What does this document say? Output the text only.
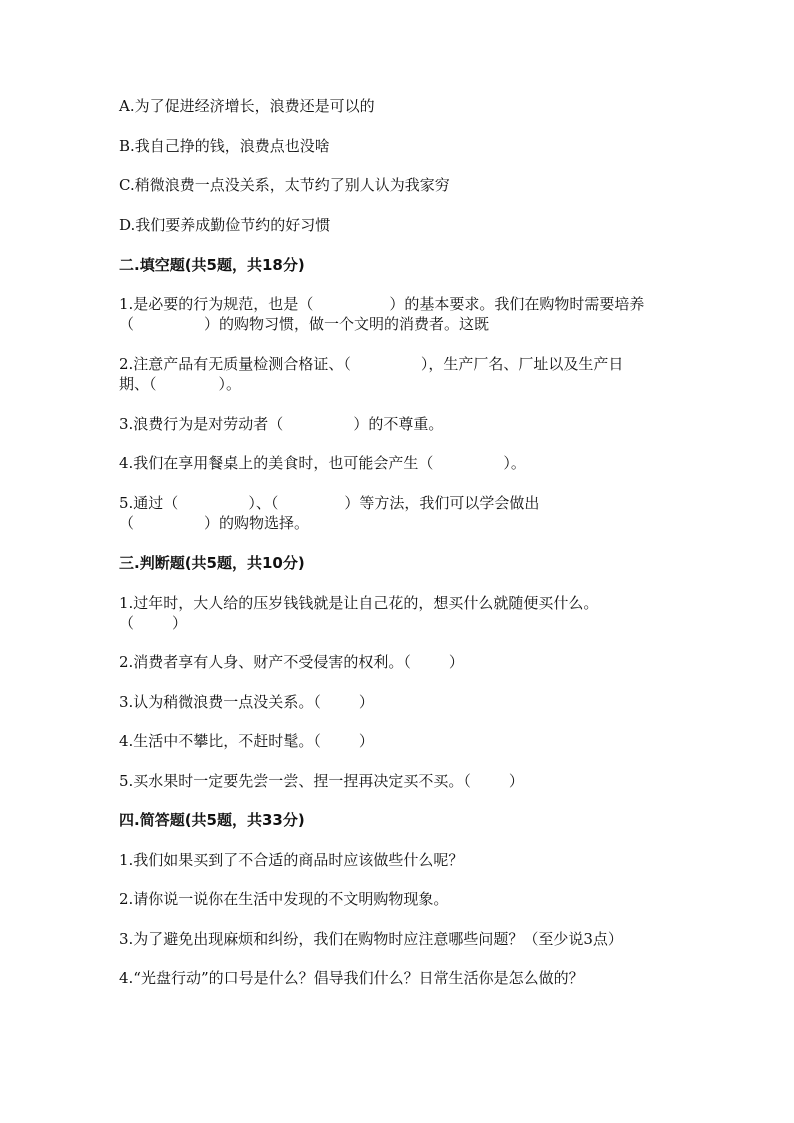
A.为了促进经济增长，浪费还是可以的
B.我自己挣的钱，浪费点也没啥
C.稍微浪费一点没关系，太节约了别人认为我家穷
D.我们要养成勤俭节约的好习惯
二.填空题(共5题，共18分)
1.是必要的行为规范，也是（	）的基本要求。我们在购物时需要培养
（	）的购物习惯，做一个文明的消费者。这既
2.注意产品有无质量检测合格证、（	），生产厂名、厂址以及生产日
期、（	）。
3.浪费行为是对劳动者（	）的不尊重。
4.我们在享用餐桌上的美食时，也可能会产生（	）。
5.通过（	）、（	）等方法，我们可以学会做出
（	）的购物选择。
三.判断题(共5题，共10分)
1.过年时，大人给的压岁钱钱就是让自己花的，想买什么就随便买什么。
（	）
2.消费者享有人身、财产不受侵害的权利。（	）
3.认为稍微浪费一点没关系。（	）
4.生活中不攀比，不赶时髦。（	）
5.买水果时一定要先尝一尝、捏一捏再决定买不买。（	）
四.简答题(共5题，共33分)
1.我们如果买到了不合适的商品时应该做些什么呢？
2.请你说一说你在生活中发现的不文明购物现象。
3.为了避免出现麻烦和纠纷，我们在购物时应注意哪些问题？（至少说3点）
4.“光盘行动”的口号是什么？倡导我们什么？日常生活你是怎么做的？
